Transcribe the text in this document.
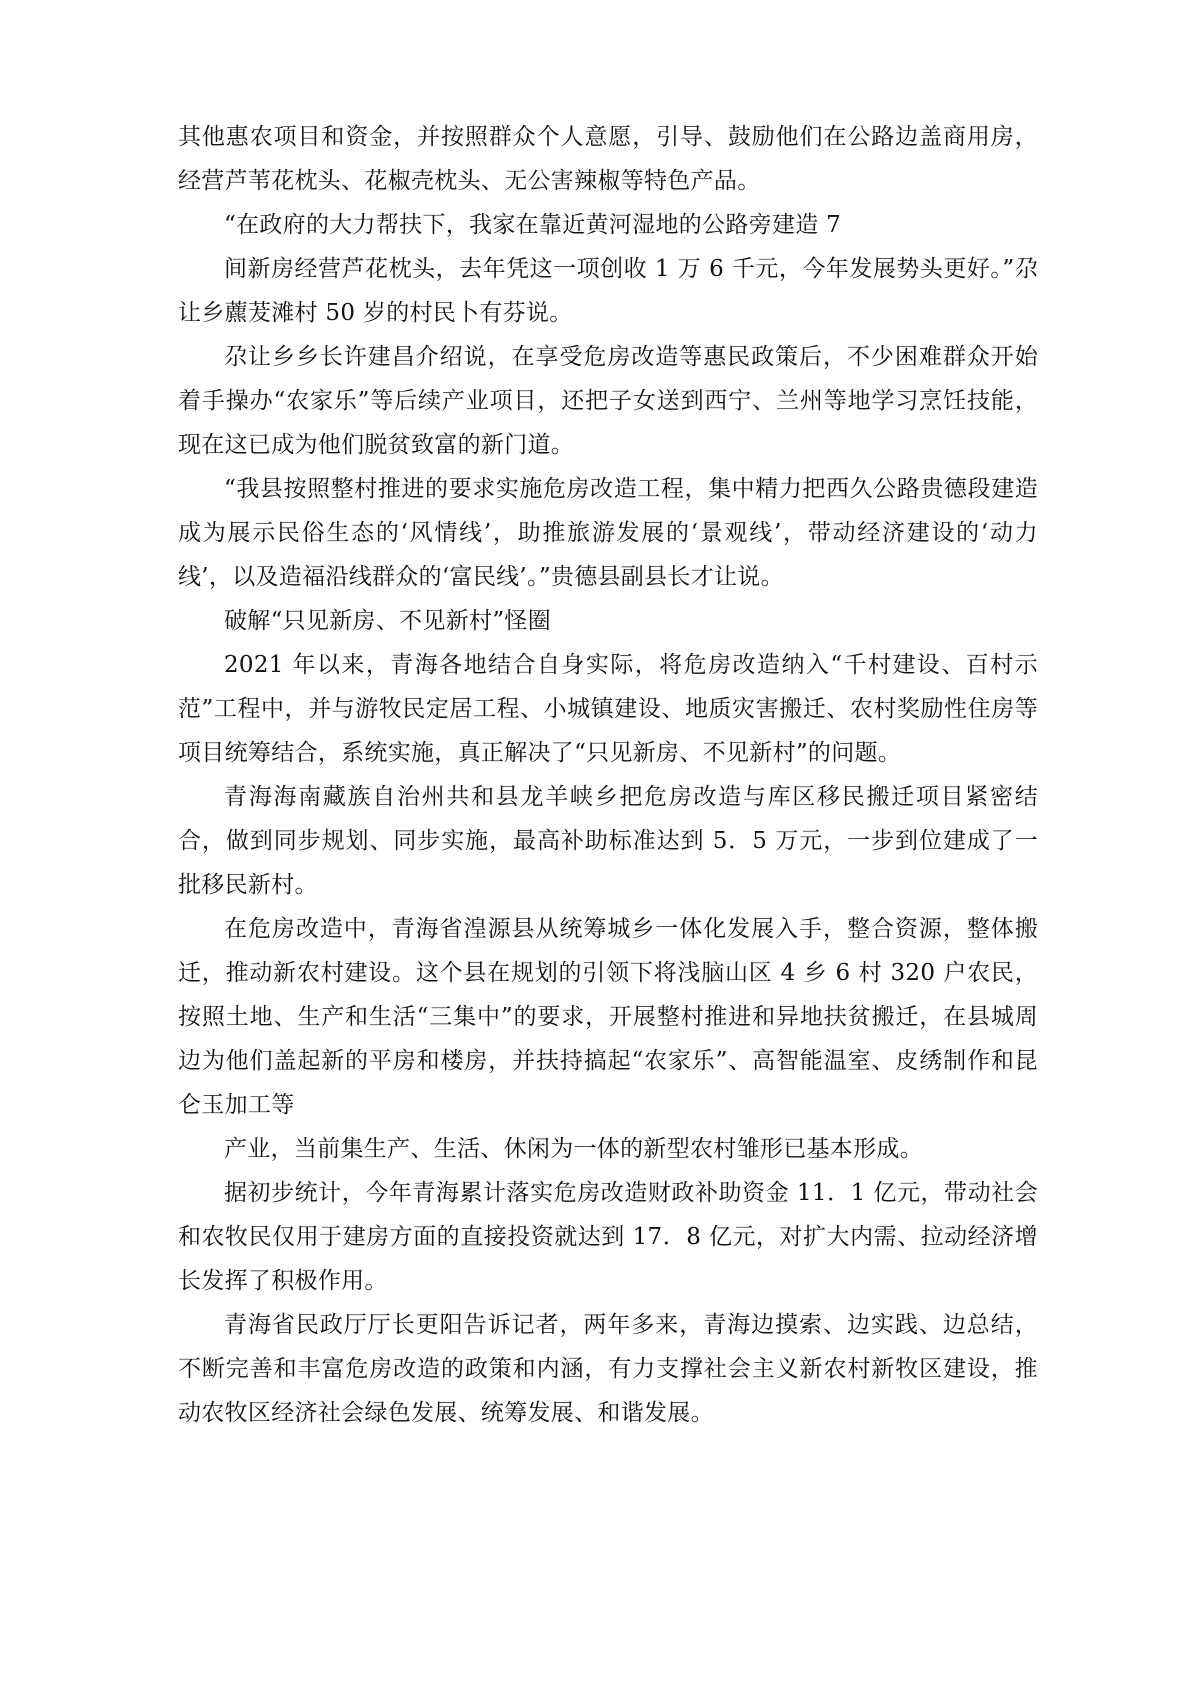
其他惠农项目和资金，并按照群众个人意愿，引导、鼓励他们在公路边盖商用房，经营芦苇花枕头、花椒壳枕头、无公害辣椒等特色产品。

“在政府的大力帮扶下，我家在靠近黄河湿地的公路旁建造 7

间新房经营芦花枕头，去年凭这一项创收 1 万 6 千元，今年发展势头更好。”尕让乡藨茇滩村 50 岁的村民卜有芬说。

尕让乡乡长许建昌介绍说，在享受危房改造等惠民政策后，不少困难群众开始着手操办“农家乐”等后续产业项目，还把子女送到西宁、兰州等地学习烹饪技能，现在这已成为他们脱贫致富的新门道。

“我县按照整村推进的要求实施危房改造工程，集中精力把西久公路贵德段建造成为展示民俗生态的‘风情线’，助推旅游发展的‘景观线’，带动经济建设的‘动力线’，以及造福沿线群众的‘富民线’。”贵德县副县长才让说。

破解“只见新房、不见新村”怪圈

2021 年以来，青海各地结合自身实际，将危房改造纳入“千村建设、百村示范”工程中，并与游牧民定居工程、小城镇建设、地质灾害搬迁、农村奖励性住房等项目统筹结合，系统实施，真正解决了“只见新房、不见新村”的问题。

青海海南藏族自治州共和县龙羊峡乡把危房改造与库区移民搬迁项目紧密结合，做到同步规划、同步实施，最高补助标准达到 5．5 万元，一步到位建成了一批移民新村。

在危房改造中，青海省湟源县从统筹城乡一体化发展入手，整合资源，整体搬迁，推动新农村建设。这个县在规划的引领下将浅脑山区 4 乡 6 村 320 户农民，按照土地、生产和生活“三集中”的要求，开展整村推进和异地扶贫搬迁，在县城周边为他们盖起新的平房和楼房，并扶持搞起“农家乐”、高智能温室、皮绣制作和昆仑玉加工等

产业，当前集生产、生活、休闲为一体的新型农村雏形已基本形成。

据初步统计，今年青海累计落实危房改造财政补助资金 11．1 亿元，带动社会和农牧民仅用于建房方面的直接投资就达到 17．8 亿元，对扩大内需、拉动经济增长发挥了积极作用。

青海省民政厅厅长更阳告诉记者，两年多来，青海边摸索、边实践、边总结，不断完善和丰富危房改造的政策和内涵，有力支撑社会主义新农村新牧区建设，推动农牧区经济社会绿色发展、统筹发展、和谐发展。
